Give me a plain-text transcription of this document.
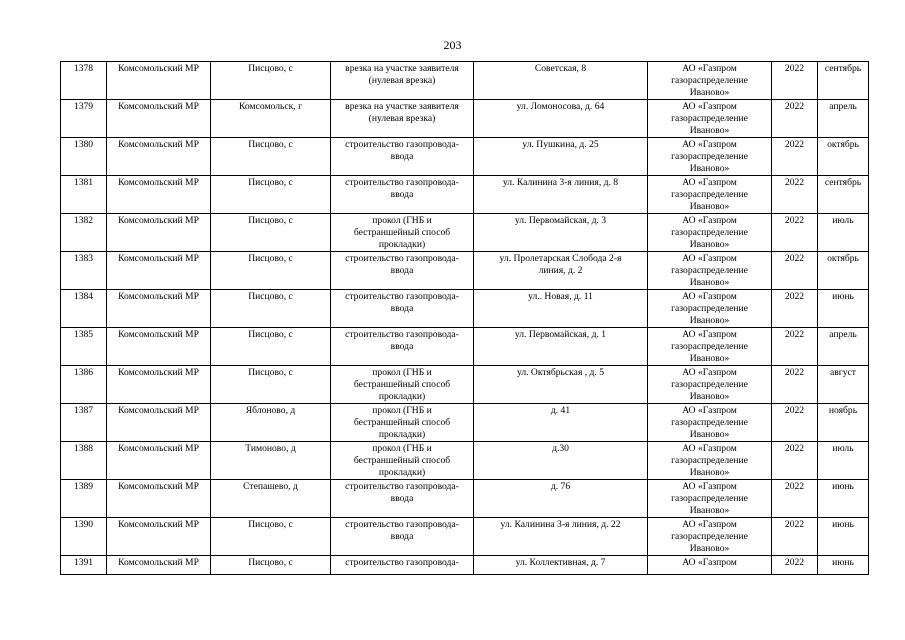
203
1378	Комсомольский МР	Писцово, с	врезка на участке заявителя
(нулевая врезка)	Советская, 8	АО «Газпром
газораспределение
Иваново»	2022	сентябрь
1379	Комсомольский МР	Комсомольск, г	врезка на участке заявителя
(нулевая врезка)	ул. Ломоносова, д. 64	АО «Газпром
газораспределение
Иваново»	2022	апрель
1380	Комсомольский МР	Писцово, с	строительство газопровода-
ввода	ул. Пушкина, д. 25	АО «Газпром
газораспределение
Иваново»	2022	октябрь
1381	Комсомольский МР	Писцово, с	строительство газопровода-
ввода	ул. Калинина 3-я линия, д. 8	АО «Газпром
газораспределение
Иваново»	2022	сентябрь
1382	Комсомольский МР	Писцово, с	прокол (ГНБ и
бестраншейный способ
прокладки)	ул. Первомайская, д. 3	АО «Газпром
газораспределение
Иваново»	2022	июль
1383	Комсомольский МР	Писцово, с	строительство газопровода-
ввода	ул. Пролетарская Слобода 2-я
линия, д. 2	АО «Газпром
газораспределение
Иваново»	2022	октябрь
1384	Комсомольский МР	Писцово, с	строительство газопровода-
ввода	ул.. Новая, д. 11	АО «Газпром
газораспределение
Иваново»	2022	июнь
1385	Комсомольский МР	Писцово, с	строительство газопровода-
ввода	ул. Первомайская, д. 1	АО «Газпром
газораспределение
Иваново»	2022	апрель
1386	Комсомольский МР	Писцово, с	прокол (ГНБ и
бестраншейный способ
прокладки)	ул. Октябрьская , д. 5	АО «Газпром
газораспределение
Иваново»	2022	август
1387	Комсомольский МР	Яблоново, д	прокол (ГНБ и
бестраншейный способ
прокладки)	д. 41	АО «Газпром
газораспределение
Иваново»	2022	ноябрь
1388	Комсомольский МР	Тимоново, д	прокол (ГНБ и
бестраншейный способ
прокладки)	д.30	АО «Газпром
газораспределение
Иваново»	2022	июль
1389	Комсомольский МР	Степашево, д	строительство газопровода-
ввода	д. 76	АО «Газпром
газораспределение
Иваново»	2022	июнь
1390	Комсомольский МР	Писцово, с	строительство газопровода-
ввода	ул. Калинина 3-я линия, д. 22	АО «Газпром
газораспределение
Иваново»	2022	июнь
1391	Комсомольский МР	Писцово, с	строительство газопровода-	ул. Коллективная, д. 7	АО «Газпром	2022	июнь
